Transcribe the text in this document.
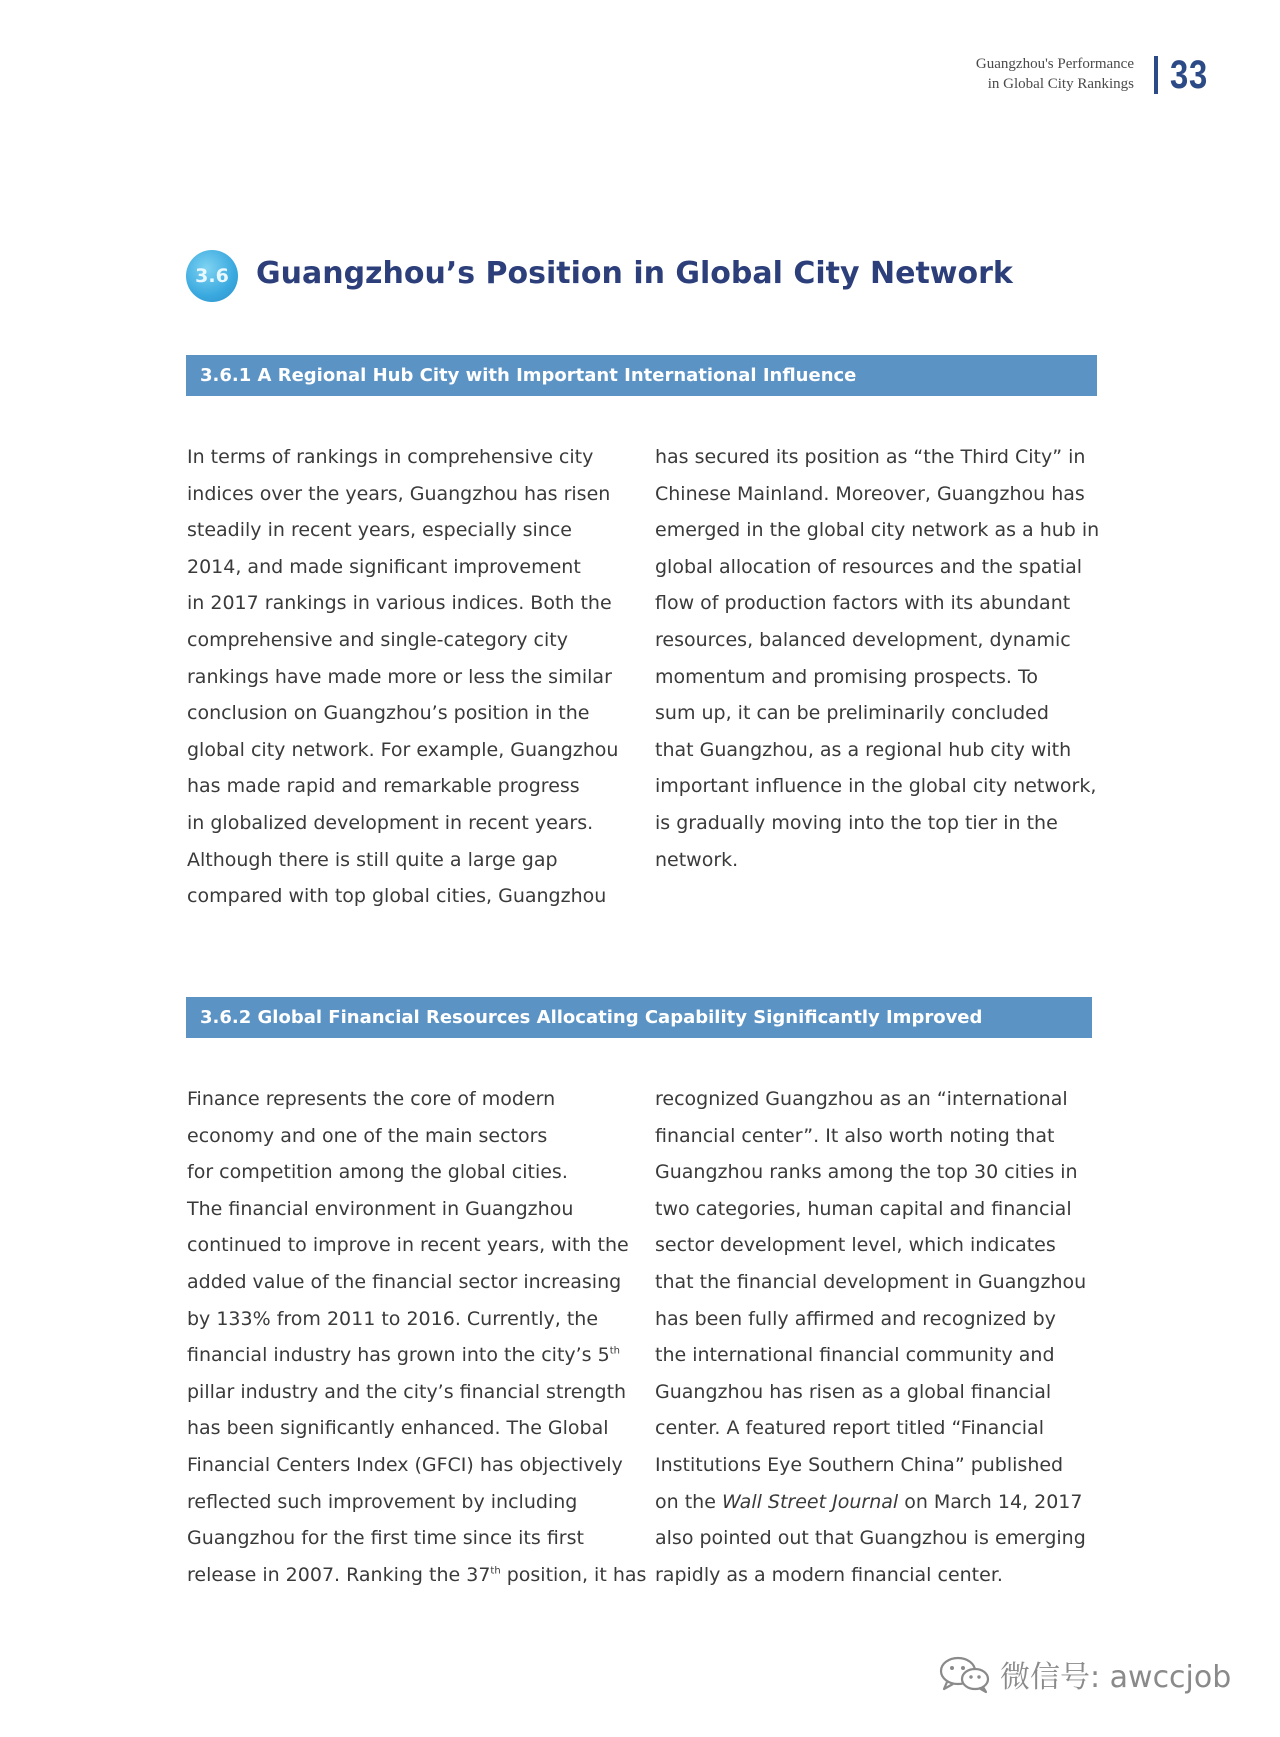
Guangzhou's Performance
in Global City Rankings 33
3.6 Guangzhou’s Position in Global City Network
3.6.1 A Regional Hub City with Important International Influence
In terms of rankings in comprehensive city
indices over the years, Guangzhou has risen
steadily in recent years, especially since
2014, and made significant improvement
in 2017 rankings in various indices. Both the
comprehensive and single-category city
rankings have made more or less the similar
conclusion on Guangzhou’s position in the
global city network. For example, Guangzhou
has made rapid and remarkable progress
in globalized development in recent years.
Although there is still quite a large gap
compared with top global cities, Guangzhou
has secured its position as “the Third City” in
Chinese Mainland. Moreover, Guangzhou has
emerged in the global city network as a hub in
global allocation of resources and the spatial
flow of production factors with its abundant
resources, balanced development, dynamic
momentum and promising prospects. To
sum up, it can be preliminarily concluded
that Guangzhou, as a regional hub city with
important influence in the global city network,
is gradually moving into the top tier in the
network.
3.6.2 Global Financial Resources Allocating Capability Significantly Improved
Finance represents the core of modern
economy and one of the main sectors
for competition among the global cities.
The financial environment in Guangzhou
continued to improve in recent years, with the
added value of the financial sector increasing
by 133% from 2011 to 2016. Currently, the
financial industry has grown into the city’s 5th
pillar industry and the city’s financial strength
has been significantly enhanced. The Global
Financial Centers Index (GFCI) has objectively
reflected such improvement by including
Guangzhou for the first time since its first
release in 2007. Ranking the 37th position, it has
recognized Guangzhou as an “international
financial center”. It also worth noting that
Guangzhou ranks among the top 30 cities in
two categories, human capital and financial
sector development level, which indicates
that the financial development in Guangzhou
has been fully affirmed and recognized by
the international financial community and
Guangzhou has risen as a global financial
center. A featured report titled “Financial
Institutions Eye Southern China” published
on the Wall Street Journal on March 14, 2017
also pointed out that Guangzhou is emerging
rapidly as a modern financial center.
微信号: awccjob
